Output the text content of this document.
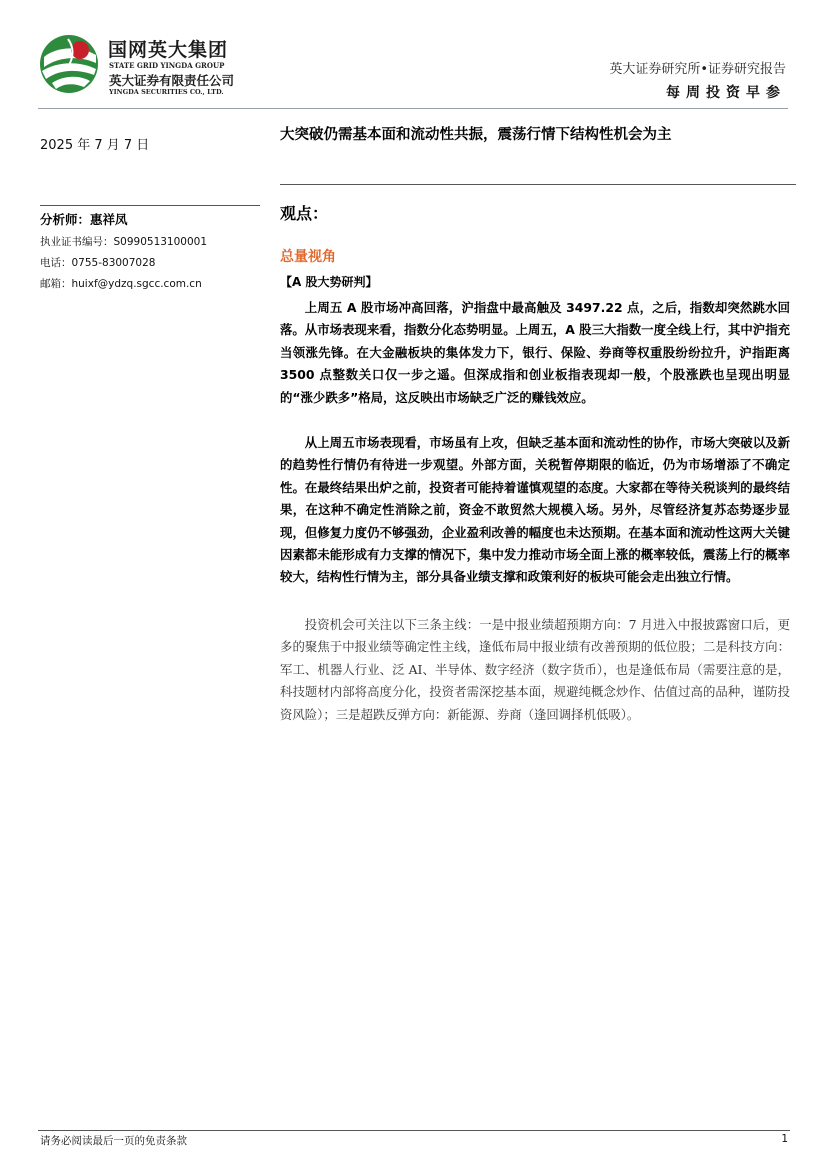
国网英大集团
STATE GRID YINGDA GROUP
英大证券有限责任公司
YINGDA SECURITIES CO., LTD.
英大证券研究所•证券研究报告
每周投资早参
2025 年 7 月 7 日
分析师：惠祥凤
执业证书编号：S0990513100001
电话：0755-83007028
邮箱：huixf@ydzq.sgcc.com.cn
大突破仍需基本面和流动性共振，震荡行情下结构性机会为主
观点：
总量视角
【A 股大势研判】

上周五 A 股市场冲高回落，沪指盘中最高触及 3497.22 点，之后，指数却突然跳水回落。从市场表现来看，指数分化态势明显。上周五，A 股三大指数一度全线上行，其中沪指充当领涨先锋。在大金融板块的集体发力下，银行、保险、券商等权重股纷纷拉升，沪指距离 3500 点整数关口仅一步之遥。但深成指和创业板指表现却一般，个股涨跌也呈现出明显的“涨少跌多”格局，这反映出市场缺乏广泛的赚钱效应。

从上周五市场表现看，市场虽有上攻，但缺乏基本面和流动性的协作，市场大突破以及新的趋势性行情仍有待进一步观望。外部方面，关税暂停期限的临近，仍为市场增添了不确定性。在最终结果出炉之前，投资者可能持着谨慎观望的态度。大家都在等待关税谈判的最终结果，在这种不确定性消除之前，资金不敢贸然大规模入场。另外，尽管经济复苏态势逐步显现，但修复力度仍不够强劲，企业盈利改善的幅度也未达预期。在基本面和流动性这两大关键因素都未能形成有力支撑的情况下，集中发力推动市场全面上涨的概率较低，震荡上行的概率较大，结构性行情为主，部分具备业绩支撑和政策利好的板块可能会走出独立行情。

投资机会可关注以下三条主线：一是中报业绩超预期方向：7 月进入中报披露窗口后，更多的聚焦于中报业绩等确定性主线，逢低布局中报业绩有改善预期的低位股；二是科技方向：军工、机器人行业、泛 AI、半导体、数字经济（数字货币），也是逢低布局（需要注意的是，科技题材内部将高度分化，投资者需深挖基本面，规避纯概念炒作、估值过高的品种，谨防投资风险）；三是超跌反弹方向：新能源、券商（逢回调择机低吸）。

请务必阅读最后一页的免责条款	1
